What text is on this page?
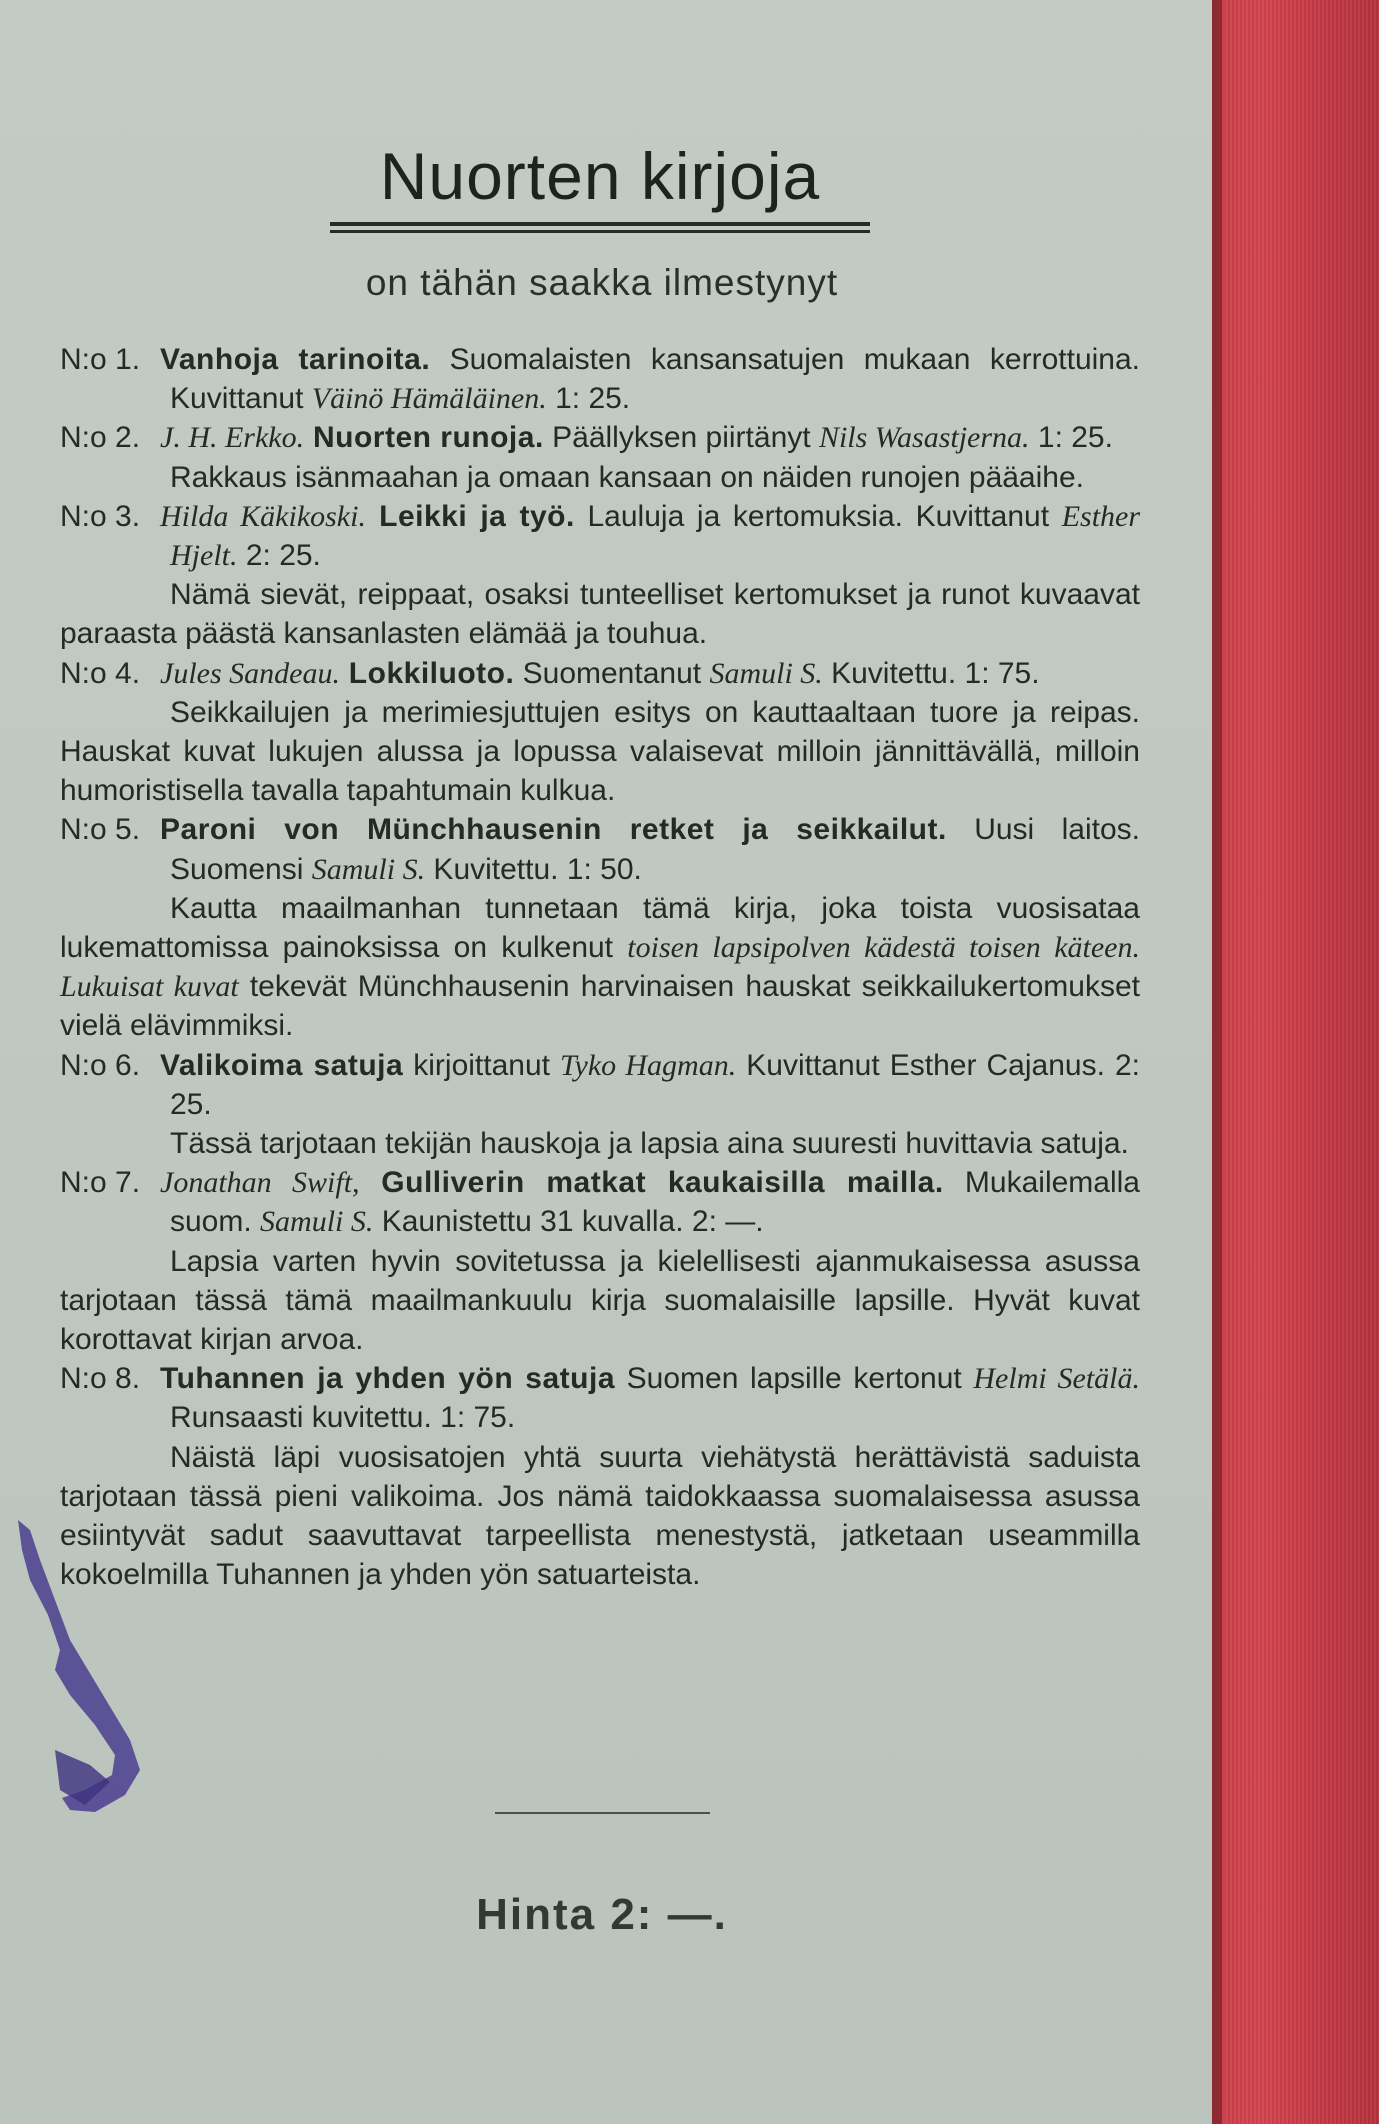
Nuorten kirjoja
on tähän saakka ilmestynyt

N:o 1. Vanhoja tarinoita. Suomalaisten kansansatujen mukaan kerrottuina. Kuvittanut Väinö Hämäläinen. 1: 25.

N:o 2. J. H. Erkko. Nuorten runoja. Päällyksen piirtänyt Nils Wasastjerna. 1: 25.

Rakkaus isänmaahan ja omaan kansaan on näiden runojen pääaihe.

N:o 3. Hilda Käkikoski. Leikki ja työ. Lauluja ja kertomuksia. Kuvittanut Esther Hjelt. 2: 25.

Nämä sievät, reippaat, osaksi tunteelliset kertomukset ja runot kuvaavat paraasta päästä kansanlasten elämää ja touhua.

N:o 4. Jules Sandeau. Lokkiluoto. Suomentanut Samuli S. Kuvitettu. 1: 75.

Seikkailujen ja merimiesjuttujen esitys on kauttaaltaan tuore ja reipas. Hauskat kuvat lukujen alussa ja lopussa valaisevat milloin jännittävällä, milloin humoristisella tavalla tapahtumain kulkua.

N:o 5. Paroni von Münchhausenin retket ja seikkailut. Uusi laitos. Suomensi Samuli S. Kuvitettu. 1: 50.

Kautta maailmanhan tunnetaan tämä kirja, joka toista vuosisataa lukemattomissa painoksissa on kulkenut toisen lapsipolven kädestä toisen käteen. Lukuisat kuvat tekevät Münchhausenin harvinaisen hauskat seikkailukertomukset vielä elävimmiksi.

N:o 6. Valikoima satuja kirjoittanut Tyko Hagman. Kuvittanut Esther Cajanus. 2: 25.

Tässä tarjotaan tekijän hauskoja ja lapsia aina suuresti huvittavia satuja.

N:o 7. Jonathan Swift, Gulliverin matkat kaukaisilla mailla. Mukailemalla suom. Samuli S. Kaunistettu 31 kuvalla. 2: —.

Lapsia varten hyvin sovitetussa ja kielellisesti ajanmukaisessa asussa tarjotaan tässä tämä maailmankuulu kirja suomalaisille lapsille. Hyvät kuvat korottavat kirjan arvoa.

N:o 8. Tuhannen ja yhden yön satuja Suomen lapsille kertonut Helmi Setälä. Runsaasti kuvitettu. 1: 75.

Näistä läpi vuosisatojen yhtä suurta viehätystä herättävistä saduista tarjotaan tässä pieni valikoima. Jos nämä taidokkaassa suomalaisessa asussa esiintyvät sadut saavuttavat tarpeellista menestystä, jatketaan useammilla kokoelmilla Tuhannen ja yhden yön satuarteista.

Hinta 2: —.
